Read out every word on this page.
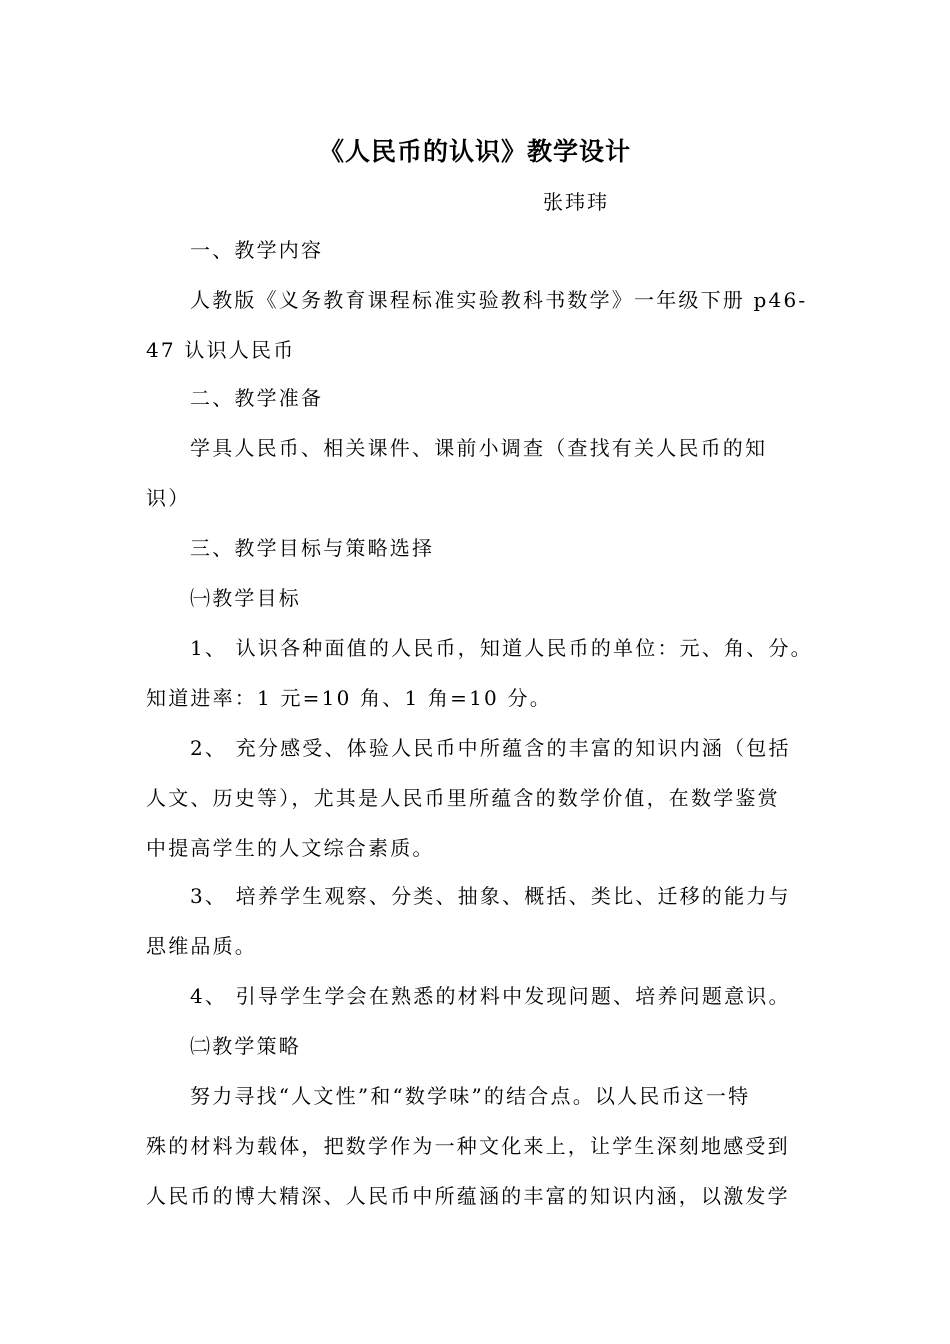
《人民币的认识》教学设计
张玮玮
一、教学内容
人教版《义务教育课程标准实验教科书数学》一年级下册 p46-
47 认识人民币
二、教学准备
学具人民币、相关课件、课前小调查（查找有关人民币的知
识）
三、教学目标与策略选择
㈠教学目标
1、 认识各种面值的人民币，知道人民币的单位：元、角、分。
知道进率：1 元=10 角、1 角=10 分。
2、 充分感受、体验人民币中所蕴含的丰富的知识内涵（包括
人文、历史等），尤其是人民币里所蕴含的数学价值，在数学鉴赏
中提高学生的人文综合素质。
3、 培养学生观察、分类、抽象、概括、类比、迁移的能力与
思维品质。
4、 引导学生学会在熟悉的材料中发现问题、培养问题意识。
㈡教学策略
努力寻找“人文性”和“数学味”的结合点。以人民币这一特
殊的材料为载体，把数学作为一种文化来上，让学生深刻地感受到
人民币的博大精深、人民币中所蕴涵的丰富的知识内涵，以激发学
